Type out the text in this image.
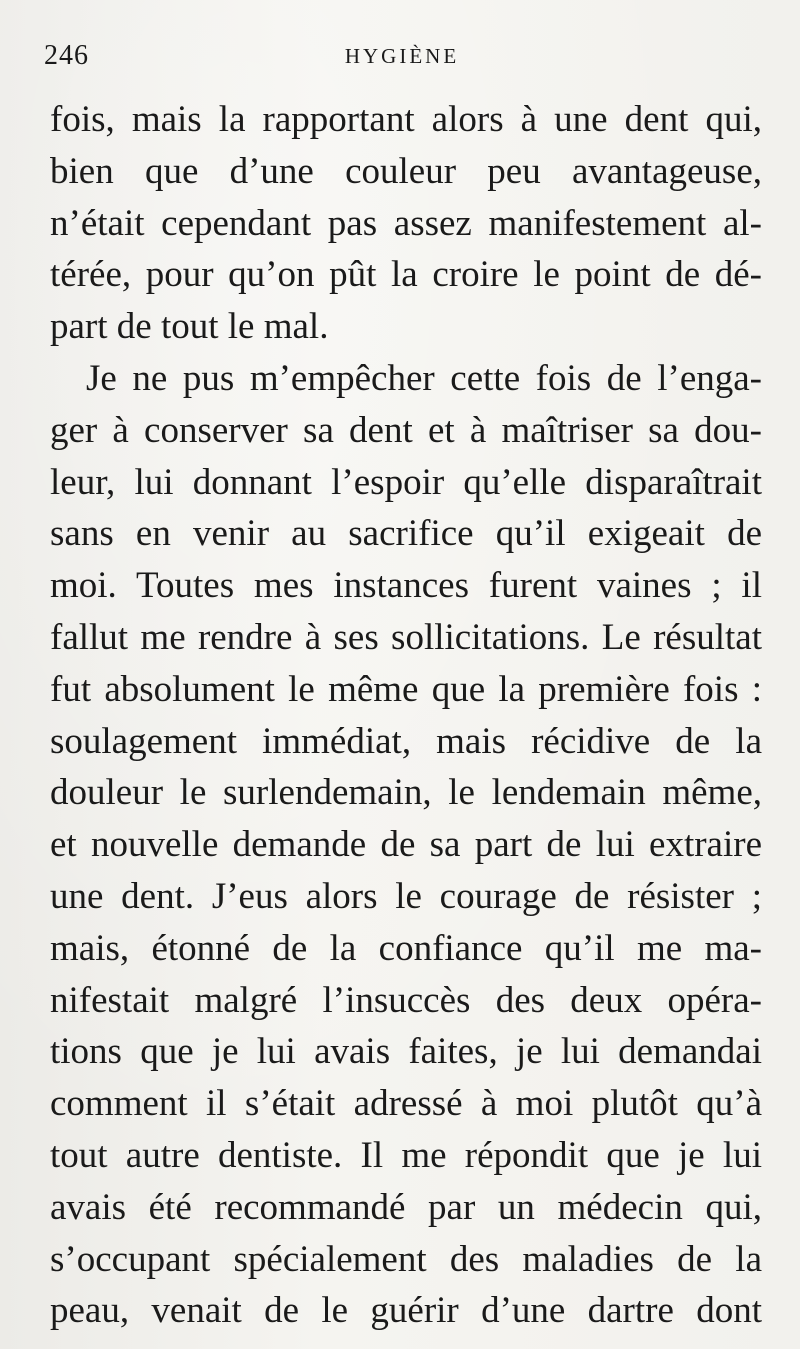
246	HYGIÈNE
fois, mais la rapportant alors à une dent qui,
bien que d’une couleur peu avantageuse,
n’était cependant pas assez manifestement al-
térée, pour qu’on pût la croire le point de dé-
part de tout le mal.
Je ne pus m’empêcher cette fois de l’enga-
ger à conserver sa dent et à maîtriser sa dou-
leur, lui donnant l’espoir qu’elle disparaîtrait
sans en venir au sacrifice qu’il exigeait de
moi. Toutes mes instances furent vaines ; il
fallut me rendre à ses sollicitations. Le résultat
fut absolument le même que la première fois :
soulagement immédiat, mais récidive de la
douleur le surlendemain, le lendemain même,
et nouvelle demande de sa part de lui extraire
une dent. J’eus alors le courage de résister ;
mais, étonné de la confiance qu’il me ma-
nifestait malgré l’insuccès des deux opéra-
tions que je lui avais faites, je lui demandai
comment il s’était adressé à moi plutôt qu’à
tout autre dentiste. Il me répondit que je lui
avais été recommandé par un médecin qui,
s’occupant spécialement des maladies de la
peau, venait de le guérir d’une dartre dont
